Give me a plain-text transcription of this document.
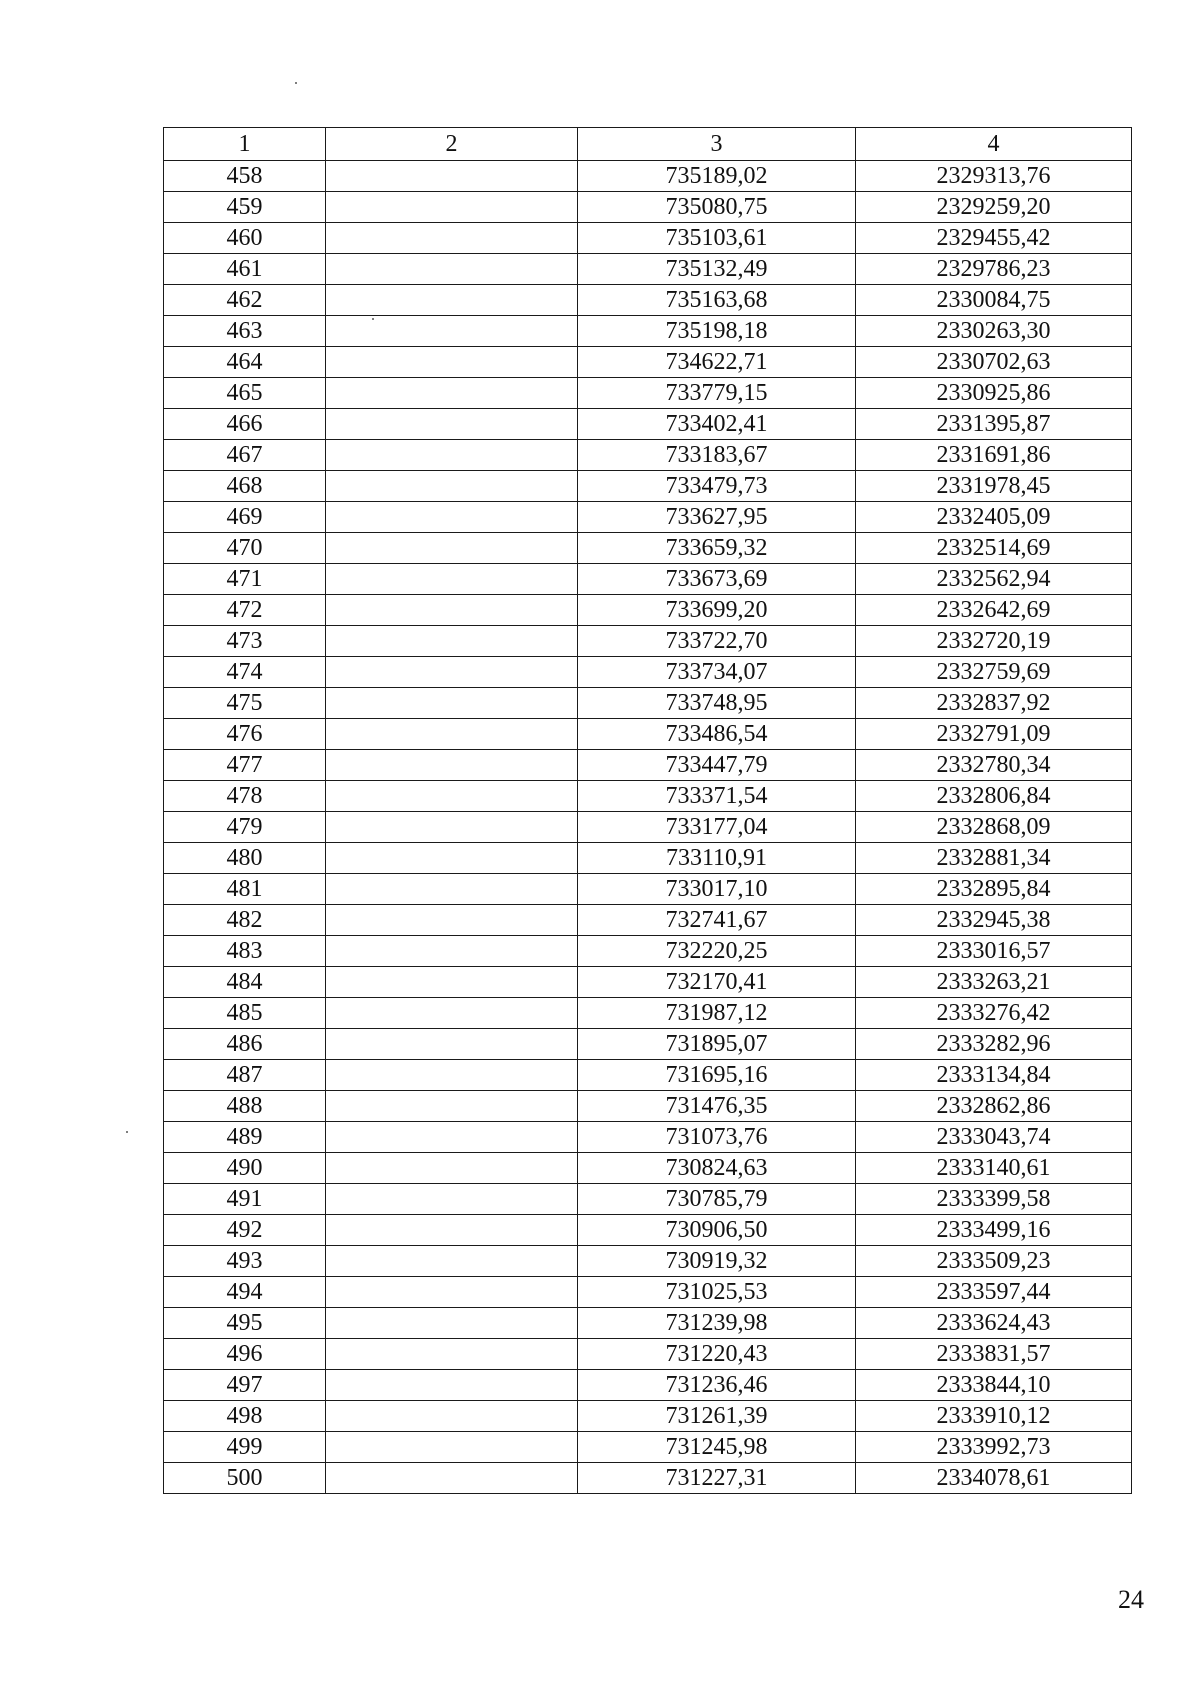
1	2	3	4
458		735189,02	2329313,76
459		735080,75	2329259,20
460		735103,61	2329455,42
461		735132,49	2329786,23
462		735163,68	2330084,75
463		735198,18	2330263,30
464		734622,71	2330702,63
465		733779,15	2330925,86
466		733402,41	2331395,87
467		733183,67	2331691,86
468		733479,73	2331978,45
469		733627,95	2332405,09
470		733659,32	2332514,69
471		733673,69	2332562,94
472		733699,20	2332642,69
473		733722,70	2332720,19
474		733734,07	2332759,69
475		733748,95	2332837,92
476		733486,54	2332791,09
477		733447,79	2332780,34
478		733371,54	2332806,84
479		733177,04	2332868,09
480		733110,91	2332881,34
481		733017,10	2332895,84
482		732741,67	2332945,38
483		732220,25	2333016,57
484		732170,41	2333263,21
485		731987,12	2333276,42
486		731895,07	2333282,96
487		731695,16	2333134,84
488		731476,35	2332862,86
489		731073,76	2333043,74
490		730824,63	2333140,61
491		730785,79	2333399,58
492		730906,50	2333499,16
493		730919,32	2333509,23
494		731025,53	2333597,44
495		731239,98	2333624,43
496		731220,43	2333831,57
497		731236,46	2333844,10
498		731261,39	2333910,12
499		731245,98	2333992,73
500		731227,31	2334078,61
24
